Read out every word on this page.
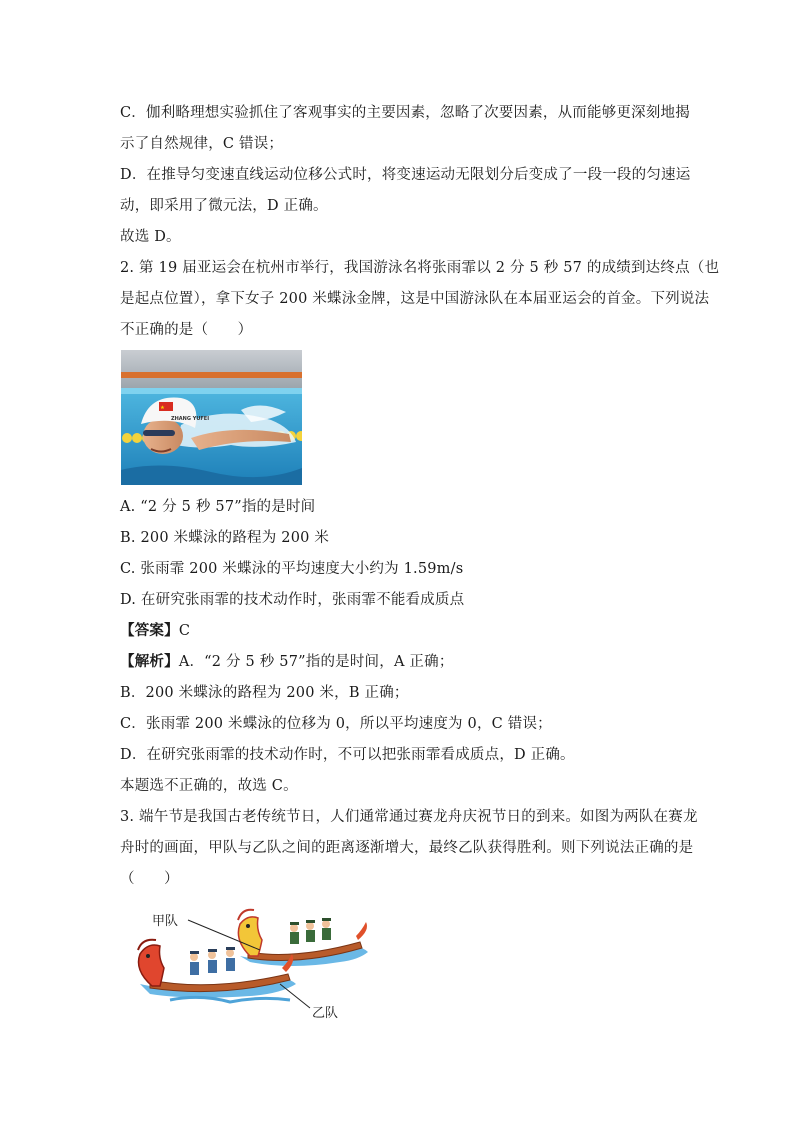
C．伽利略理想实验抓住了客观事实的主要因素，忽略了次要因素，从而能够更深刻地揭
示了自然规律，C 错误；
D．在推导匀变速直线运动位移公式时，将变速运动无限划分后变成了一段一段的匀速运
动，即采用了微元法，D 正确。
故选 D。
2. 第 19 届亚运会在杭州市举行，我国游泳名将张雨霏以 2 分 5 秒 57 的成绩到达终点（也
是起点位置），拿下女子 200 米蝶泳金牌，这是中国游泳队在本届亚运会的首金。下列说法
不正确的是（　　）
ZHANG YUFEI
A. “2 分 5 秒 57”指的是时间
B. 200 米蝶泳的路程为 200 米
C. 张雨霏 200 米蝶泳的平均速度大小约为 1.59m/s
D. 在研究张雨霏的技术动作时，张雨霏不能看成质点
【答案】C
【解析】A．“2 分 5 秒 57”指的是时间，A 正确；
B．200 米蝶泳的路程为 200 米，B 正确；
C．张雨霏 200 米蝶泳的位移为 0，所以平均速度为 0，C 错误；
D．在研究张雨霏的技术动作时，不可以把张雨霏看成质点，D 正确。
本题选不正确的，故选 C。
3. 端午节是我国古老传统节日，人们通常通过赛龙舟庆祝节日的到来。如图为两队在赛龙
舟时的画面，甲队与乙队之间的距离逐渐增大，最终乙队获得胜利。则下列说法正确的是
（　　）
甲队
乙队
